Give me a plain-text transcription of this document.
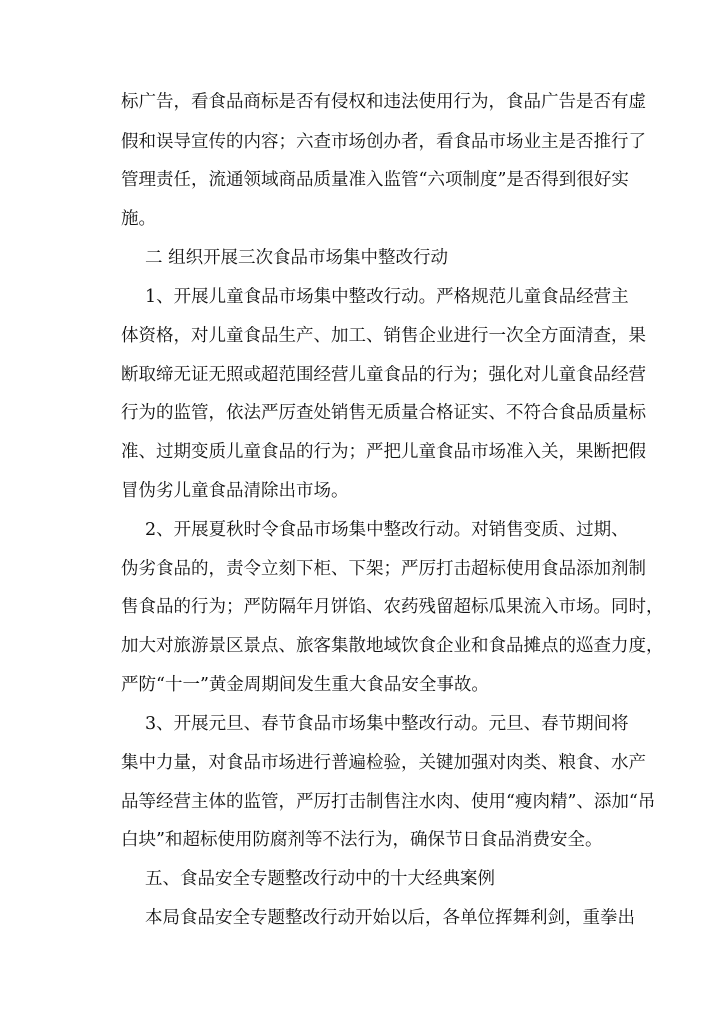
标广告，看食品商标是否有侵权和违法使用行为，食品广告是否有虚
假和误导宣传的内容；六查市场创办者，看食品市场业主是否推行了
管理责任，流通领域商品质量准入监管“六项制度”是否得到很好实
施。
二 组织开展三次食品市场集中整改行动
1、开展儿童食品市场集中整改行动。严格规范儿童食品经营主
体资格，对儿童食品生产、加工、销售企业进行一次全方面清查，果
断取缔无证无照或超范围经营儿童食品的行为；强化对儿童食品经营
行为的监管，依法严厉查处销售无质量合格证实、不符合食品质量标
准、过期变质儿童食品的行为；严把儿童食品市场准入关，果断把假
冒伪劣儿童食品清除出市场。
2、开展夏秋时令食品市场集中整改行动。对销售变质、过期、
伪劣食品的，责令立刻下柜、下架；严厉打击超标使用食品添加剂制
售食品的行为；严防隔年月饼馅、农药残留超标瓜果流入市场。同时，
加大对旅游景区景点、旅客集散地域饮食企业和食品摊点的巡查力度，
严防“十一”黄金周期间发生重大食品安全事故。
3、开展元旦、春节食品市场集中整改行动。元旦、春节期间将
集中力量，对食品市场进行普遍检验，关键加强对肉类、粮食、水产
品等经营主体的监管，严厉打击制售注水肉、使用“瘦肉精”、添加“吊
白块”和超标使用防腐剂等不法行为，确保节日食品消费安全。
五、食品安全专题整改行动中的十大经典案例
本局食品安全专题整改行动开始以后，各单位挥舞利剑，重拳出
